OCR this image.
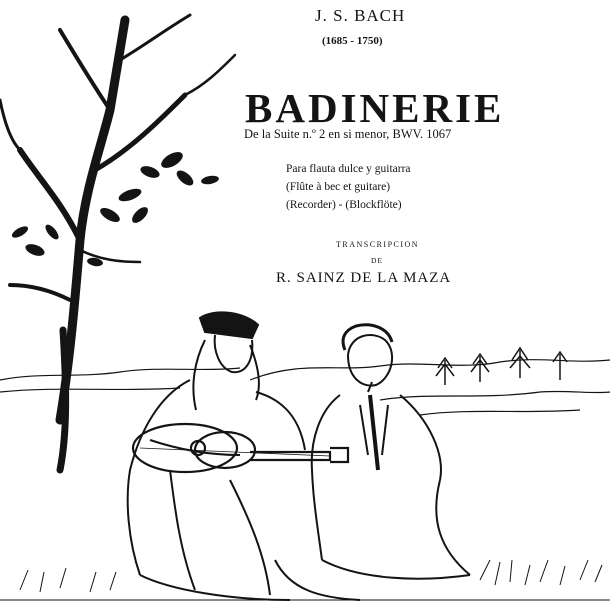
J. S. BACH
(1685 - 1750)
BADINERIE
De la Suite n.º 2 en si menor, BWV. 1067
Para flauta dulce y guitarra
(Flûte à bec et guitare)
(Recorder) - (Blockflöte)
TRANSCRIPCION
DE
R. SAINZ DE LA MAZA
